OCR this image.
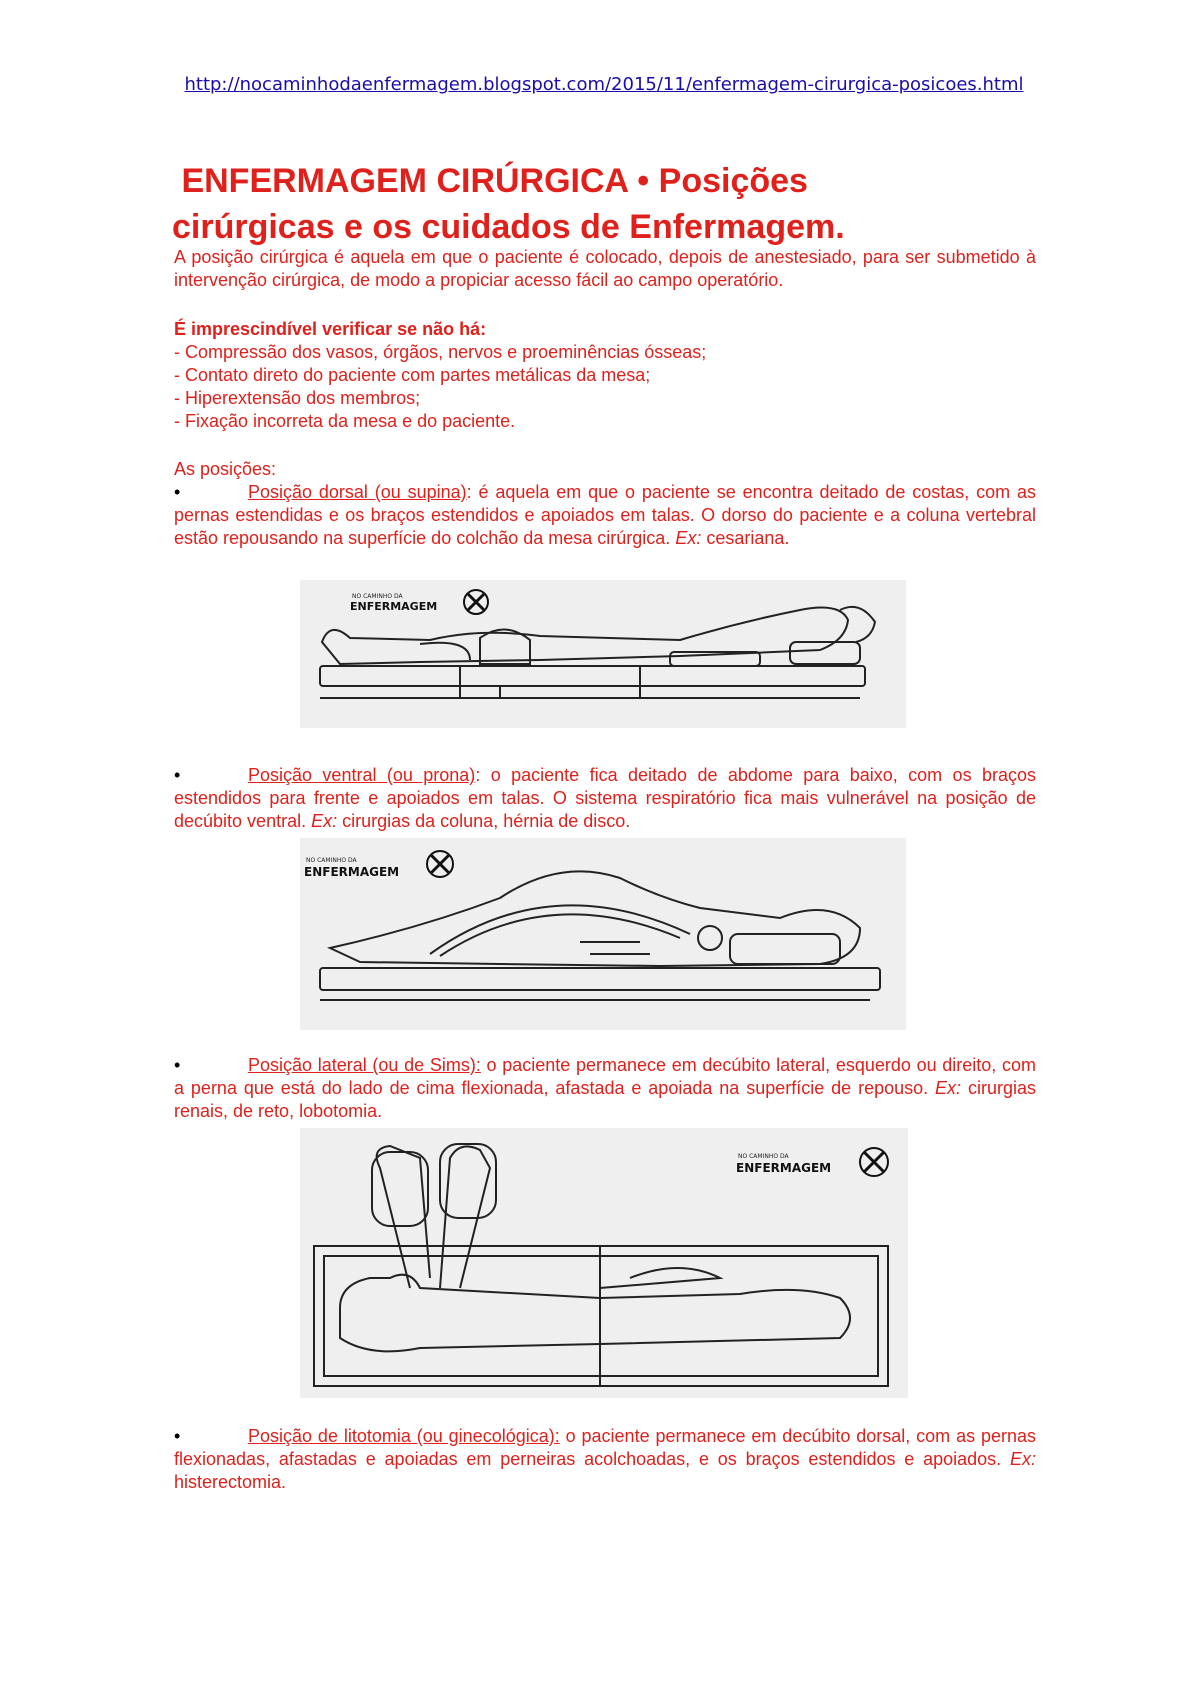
http://nocaminhodaenfermagem.blogspot.com/2015/11/enfermagem-cirurgica-posicoes.html
ENFERMAGEM CIRÚRGICA • Posições
cirúrgicas e os cuidados de Enfermagem.
A posição cirúrgica é aquela em que o paciente é colocado, depois de anestesiado, para ser submetido à intervenção cirúrgica, de modo a propiciar acesso fácil ao campo operatório.
É imprescindível verificar se não há:
- Compressão dos vasos, órgãos, nervos e proeminências ósseas;
- Contato direto do paciente com partes metálicas da mesa;
- Hiperextensão dos membros;
- Fixação incorreta da mesa e do paciente.
As posições:
•	Posição dorsal (ou supina): é aquela em que o paciente se encontra deitado de costas, com as pernas estendidas e os braços estendidos e apoiados em talas. O dorso do paciente e a coluna vertebral estão repousando na superfície do colchão da mesa cirúrgica. Ex: cesariana.
NO CAMINHO DA
ENFERMAGEM
•	Posição ventral (ou prona): o paciente fica deitado de abdome para baixo, com os braços estendidos para frente e apoiados em talas. O sistema respiratório fica mais vulnerável na posição de decúbito ventral. Ex: cirurgias da coluna, hérnia de disco.
NO CAMINHO DA
ENFERMAGEM
•	Posição lateral (ou de Sims): o paciente permanece em decúbito lateral, esquerdo ou direito, com a perna que está do lado de cima flexionada, afastada e apoiada na superfície de repouso. Ex: cirurgias renais, de reto, lobotomia.
NO CAMINHO DA
ENFERMAGEM
•	Posição de litotomia (ou ginecológica): o paciente permanece em decúbito dorsal, com as pernas flexionadas, afastadas e apoiadas em perneiras acolchoadas, e os braços estendidos e apoiados. Ex: histerectomia.
